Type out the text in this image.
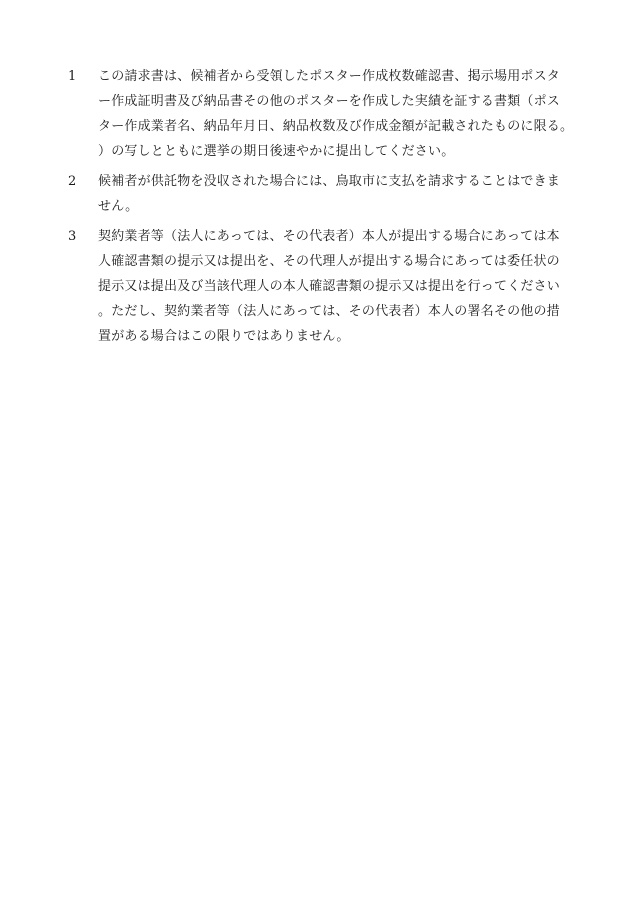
1	この請求書は、候補者から受領したポスター作成枚数確認書、掲示場用ポスター作成証明書及び納品書その他のポスターを作成した実績を証する書類（ポスター作成業者名、納品年月日、納品枚数及び作成金額が記載されたものに限る。）の写しとともに選挙の期日後速やかに提出してください。
2	候補者が供託物を没収された場合には、鳥取市に支払を請求することはできません。
3	契約業者等（法人にあっては、その代表者）本人が提出する場合にあっては本人確認書類の提示又は提出を、その代理人が提出する場合にあっては委任状の提示又は提出及び当該代理人の本人確認書類の提示又は提出を行ってください。ただし、契約業者等（法人にあっては、その代表者）本人の署名その他の措置がある場合はこの限りではありません。
